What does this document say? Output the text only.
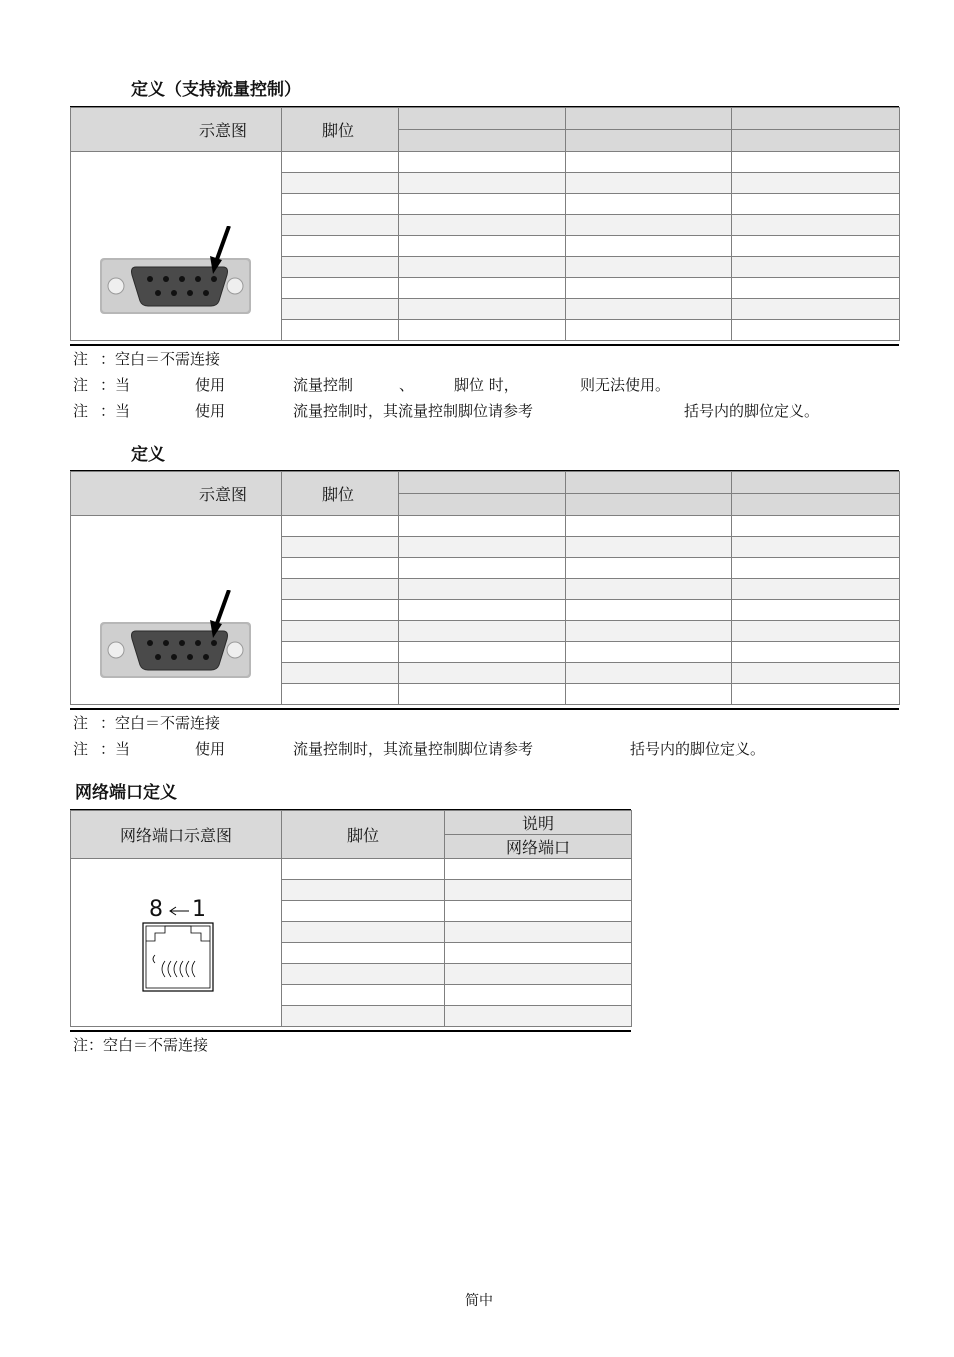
定义（支持流量控制）
示意图	脚位			

注 ：空白＝不需连接
注 ：当	使用	流量控制	、	脚位 时，	则无法使用。
注 ：当	使用	流量控制时，其流量控制脚位请参考	括号内的脚位定义。
定义
示意图	脚位			

注 ：空白＝不需连接
注 ：当	使用	流量控制时，其流量控制脚位请参考	括号内的脚位定义。
网络端口定义
网络端口示意图	脚位	说明
		网络端口

8 1		

注：空白＝不需连接
简中
